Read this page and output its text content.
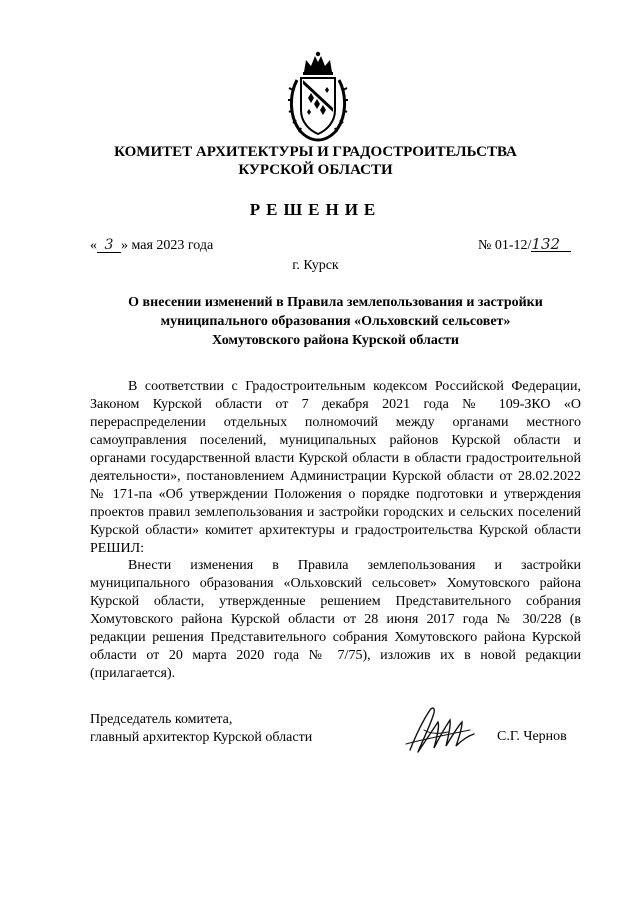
КОМИТЕТ АРХИТЕКТУРЫ И ГРАДОСТРОИТЕЛЬСТВА
КУРСКОЙ ОБЛАСТИ
РЕШЕНИЕ
« 3 » мая 2023 года	№ 01-12/132
г. Курск
О внесении изменений в Правила землепользования и застройки
муниципального образования «Ольховский сельсовет»
Хомутовского района Курской области

В соответствии с Градостроительным кодексом Российской Федерации, Законом Курской области от 7 декабря 2021 года № 109-ЗКО «О перераспределении отдельных полномочий между органами местного самоуправления поселений, муниципальных районов Курской области и органами государственной власти Курской области в области градостроительной деятельности», постановлением Администрации Курской области от 28.02.2022 № 171-па «Об утверждении Положения о порядке подготовки и утверждения проектов правил землепользования и застройки городских и сельских поселений Курской области» комитет архитектуры и градостроительства Курской области РЕШИЛ:

Внести изменения в Правила землепользования и застройки муниципального образования «Ольховский сельсовет» Хомутовского района Курской области, утвержденные решением Представительного собрания Хомутовского района Курской области от 28 июня 2017 года № 30/228 (в редакции решения Представительного собрания Хомутовского района Курской области от 20 марта 2020 года № 7/75), изложив их в новой редакции (прилагается).

Председатель комитета,
главный архитектор Курской области	С.Г. Чернов
